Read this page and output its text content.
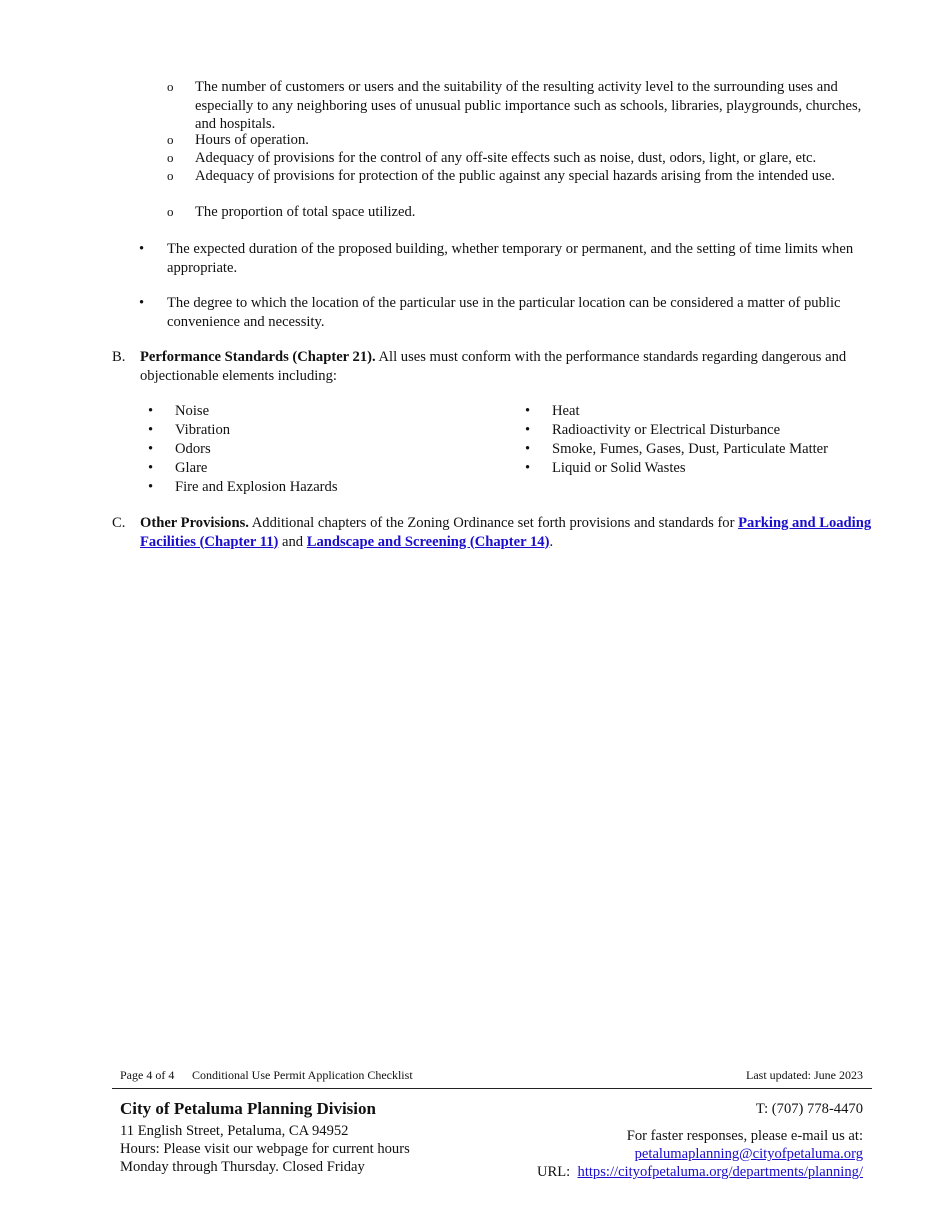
o The number of customers or users and the suitability of the resulting activity level to the surrounding uses and especially to any neighboring uses of unusual public importance such as schools, libraries, playgrounds, churches, and hospitals.
o Hours of operation.
o Adequacy of provisions for the control of any off-site effects such as noise, dust, odors, light, or glare, etc.
o Adequacy of provisions for protection of the public against any special hazards arising from the intended use.
o The proportion of total space utilized.
• The expected duration of the proposed building, whether temporary or permanent, and the setting of time limits when appropriate.
• The degree to which the location of the particular use in the particular location can be considered a matter of public convenience and necessity.
B. Performance Standards (Chapter 21). All uses must conform with the performance standards regarding dangerous and objectionable elements including:
• Noise
• Vibration
• Odors
• Glare
• Fire and Explosion Hazards
• Heat
• Radioactivity or Electrical Disturbance
• Smoke, Fumes, Gases, Dust, Particulate Matter
• Liquid or Solid Wastes
C. Other Provisions. Additional chapters of the Zoning Ordinance set forth provisions and standards for Parking and Loading Facilities (Chapter 11) and Landscape and Screening (Chapter 14).
Page 4 of 4 Conditional Use Permit Application Checklist	Last updated: June 2023
City of Petaluma Planning Division
11 English Street, Petaluma, CA 94952
Hours: Please visit our webpage for current hours
Monday through Thursday. Closed Friday
T: (707) 778-4470
For faster responses, please e-mail us at:
petalumaplanning@cityofpetaluma.org
URL: https://cityofpetaluma.org/departments/planning/
